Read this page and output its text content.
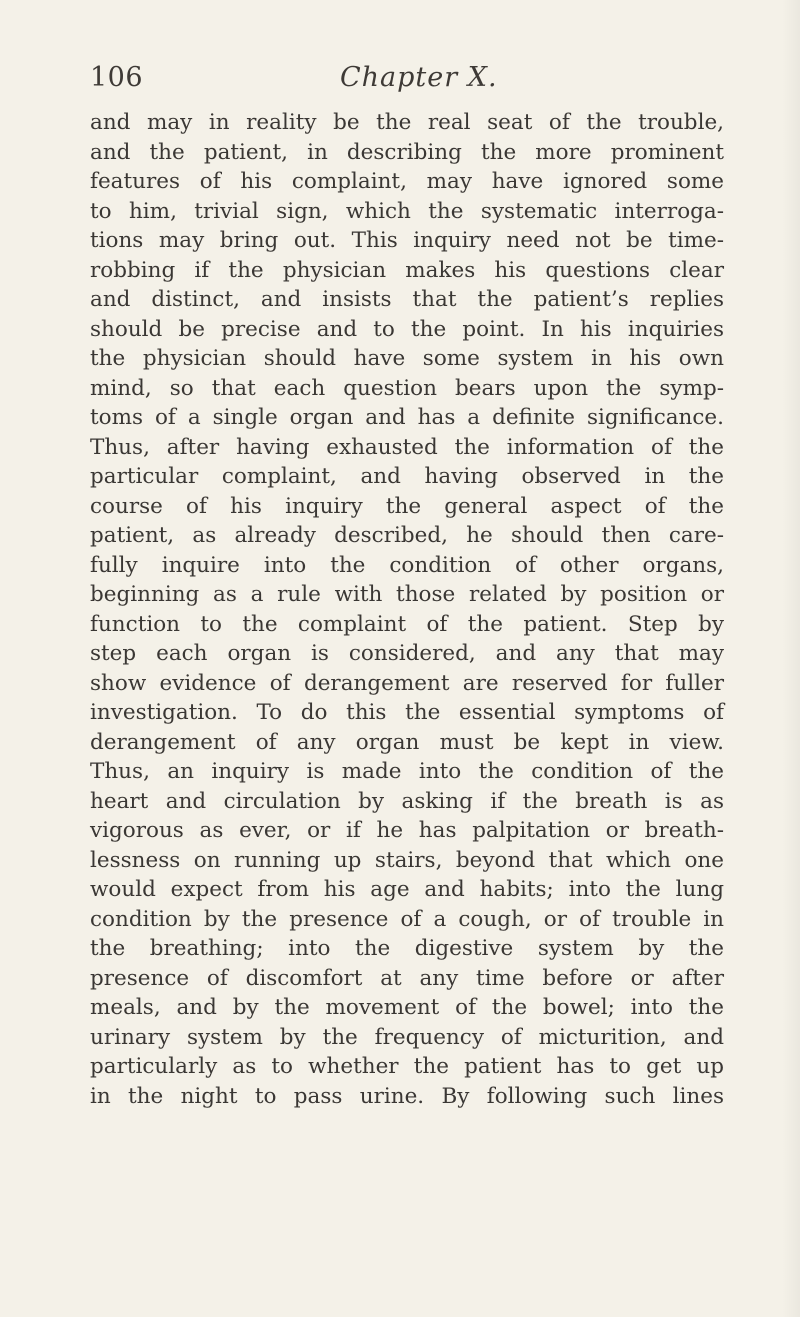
106	Chapter X.
and may in reality be the real seat of the trouble,
and the patient, in describing the more prominent
features of his complaint, may have ignored some
to him, trivial sign, which the systematic interroga-
tions may bring out. This inquiry need not be time-
robbing if the physician makes his questions clear
and distinct, and insists that the patient’s replies
should be precise and to the point. In his inquiries
the physician should have some system in his own
mind, so that each question bears upon the symp-
toms of a single organ and has a definite significance.
Thus, after having exhausted the information of the
particular complaint, and having observed in the
course of his inquiry the general aspect of the
patient, as already described, he should then care-
fully inquire into the condition of other organs,
beginning as a rule with those related by position or
function to the complaint of the patient. Step by
step each organ is considered, and any that may
show evidence of derangement are reserved for fuller
investigation. To do this the essential symptoms of
derangement of any organ must be kept in view.
Thus, an inquiry is made into the condition of the
heart and circulation by asking if the breath is as
vigorous as ever, or if he has palpitation or breath-
lessness on running up stairs, beyond that which one
would expect from his age and habits; into the lung
condition by the presence of a cough, or of trouble in
the breathing; into the digestive system by the
presence of discomfort at any time before or after
meals, and by the movement of the bowel; into the
urinary system by the frequency of micturition, and
particularly as to whether the patient has to get up
in the night to pass urine. By following such lines
